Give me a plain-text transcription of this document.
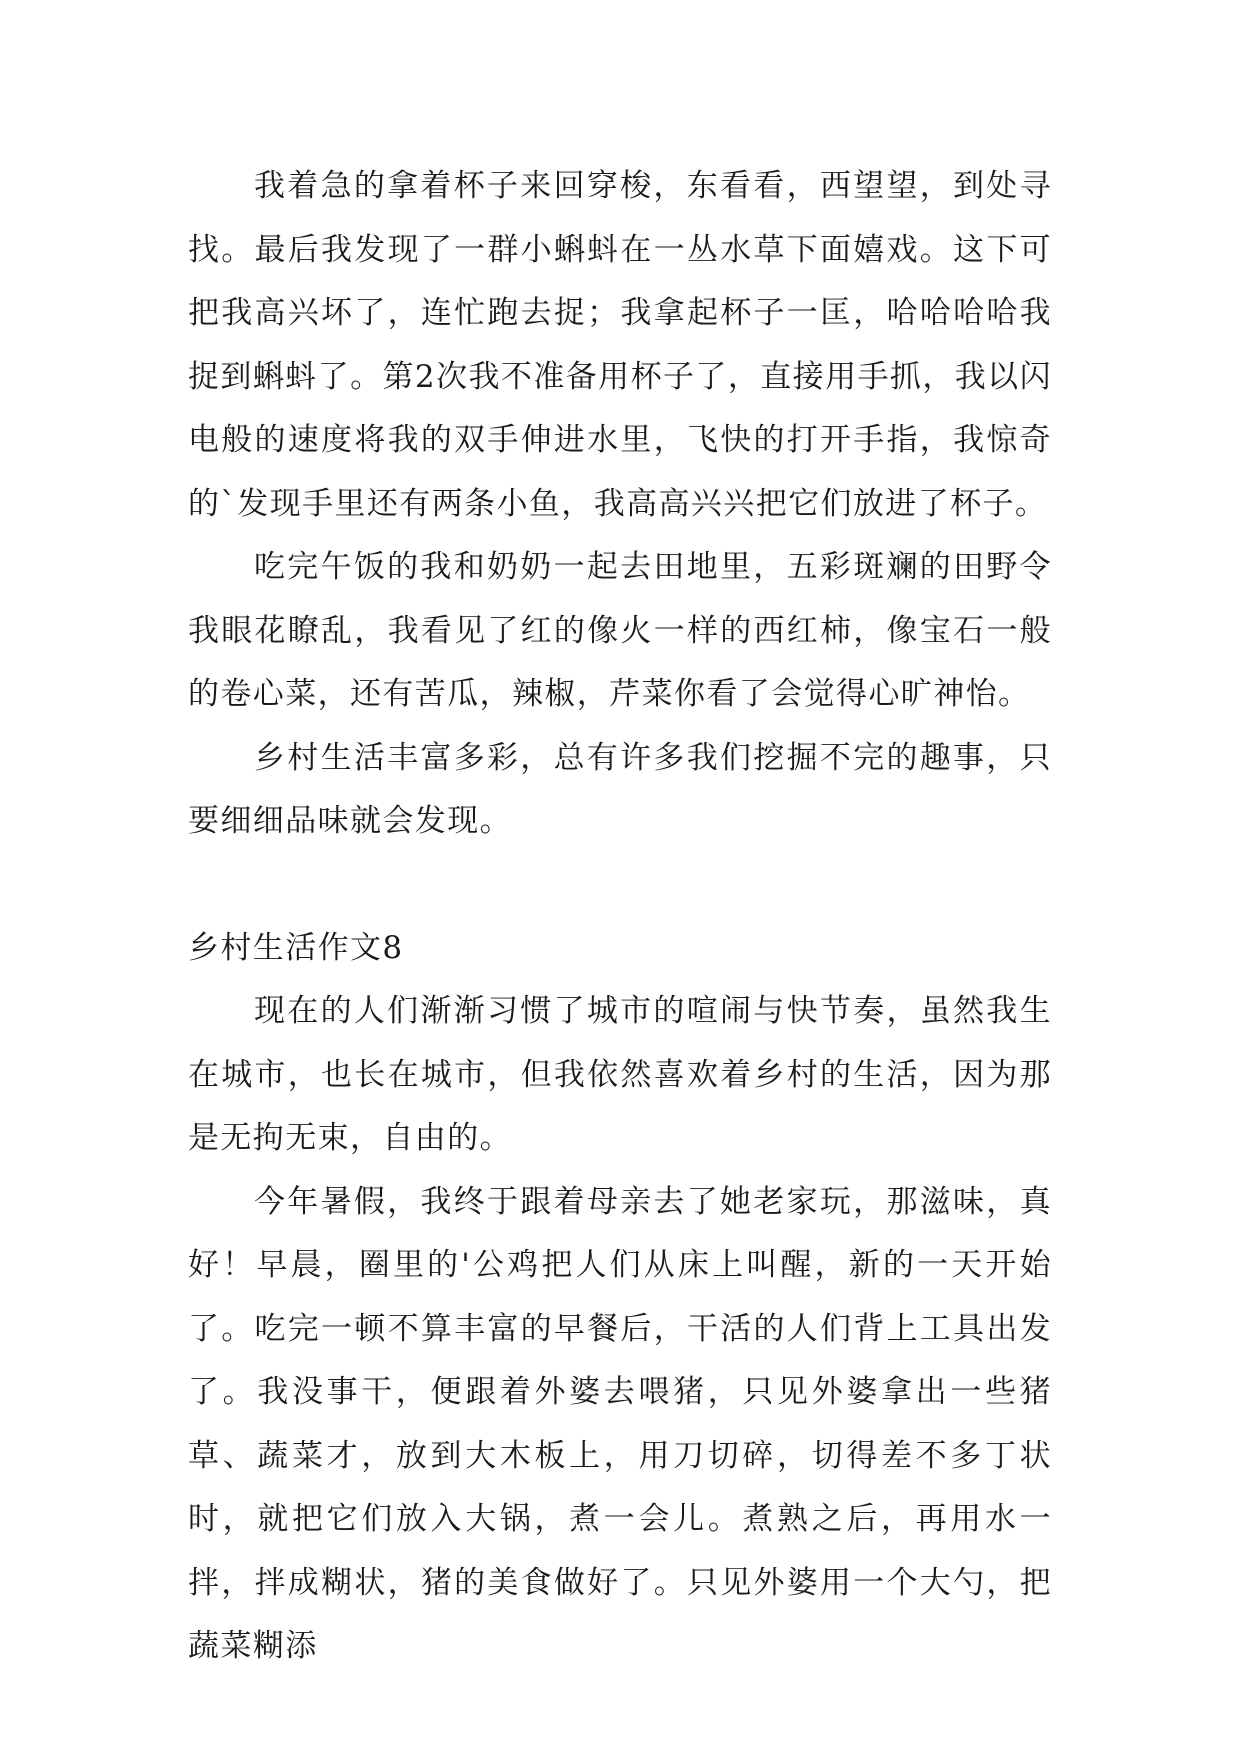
我着急的拿着杯子来回穿梭，东看看，西望望，到处寻找。最后我发现了一群小蝌蚪在一丛水草下面嬉戏。这下可把我高兴坏了，连忙跑去捉；我拿起杯子一匡，哈哈哈哈我捉到蝌蚪了。第2次我不准备用杯子了，直接用手抓，我以闪电般的速度将我的双手伸进水里，飞快的打开手指，我惊奇的`发现手里还有两条小鱼，我高高兴兴把它们放进了杯子。

吃完午饭的我和奶奶一起去田地里，五彩斑斓的田野令我眼花瞭乱，我看见了红的像火一样的西红柿，像宝石一般的卷心菜，还有苦瓜，辣椒，芹菜你看了会觉得心旷神怡。

乡村生活丰富多彩，总有许多我们挖掘不完的趣事，只要细细品味就会发现。

乡村生活作文8

现在的人们渐渐习惯了城市的喧闹与快节奏，虽然我生在城市，也长在城市，但我依然喜欢着乡村的生活，因为那是无拘无束，自由的。

今年暑假，我终于跟着母亲去了她老家玩，那滋味，真好！早晨，圈里的'公鸡把人们从床上叫醒，新的一天开始了。吃完一顿不算丰富的早餐后，干活的人们背上工具出发了。我没事干，便跟着外婆去喂猪，只见外婆拿出一些猪草、蔬菜才，放到大木板上，用刀切碎，切得差不多丁状时，就把它们放入大锅，煮一会儿。煮熟之后，再用水一拌，拌成糊状，猪的美食做好了。只见外婆用一个大勺，把蔬菜糊添
